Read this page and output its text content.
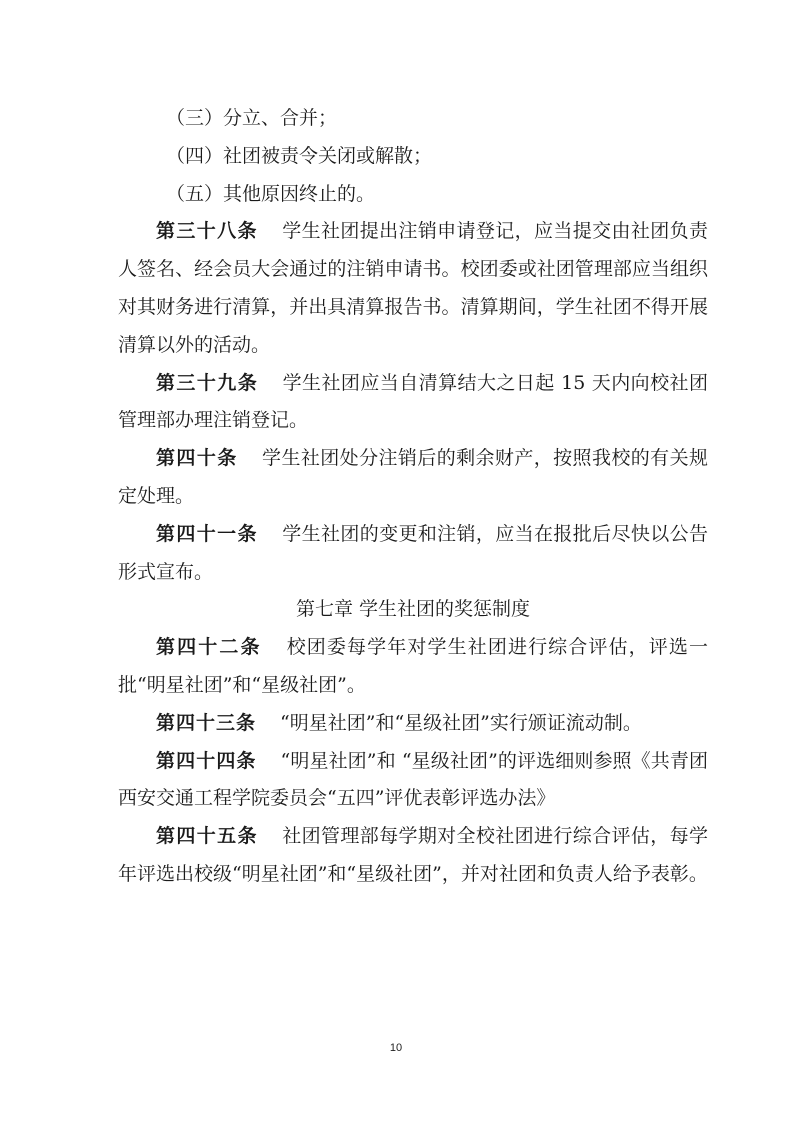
（三）分立、合并；

（四）社团被责令关闭或解散；

（五）其他原因终止的。

第三十八条 学生社团提出注销申请登记，应当提交由社团负责人签名、经会员大会通过的注销申请书。校团委或社团管理部应当组织对其财务进行清算，并出具清算报告书。清算期间，学生社团不得开展清算以外的活动。

第三十九条 学生社团应当自清算结大之日起 15 天内向校社团管理部办理注销登记。

第四十条 学生社团处分注销后的剩余财产，按照我校的有关规定处理。

第四十一条 学生社团的变更和注销，应当在报批后尽快以公告形式宣布。

第七章 学生社团的奖惩制度

第四十二条 校团委每学年对学生社团进行综合评估，评选一批“明星社团”和“星级社团”。

第四十三条 “明星社团”和“星级社团”实行颁证流动制。

第四十四条 “明星社团”和 “星级社团”的评选细则参照《共青团西安交通工程学院委员会“五四”评优表彰评选办法》

第四十五条 社团管理部每学期对全校社团进行综合评估，每学年评选出校级“明星社团”和“星级社团”，并对社团和负责人给予表彰。

10
